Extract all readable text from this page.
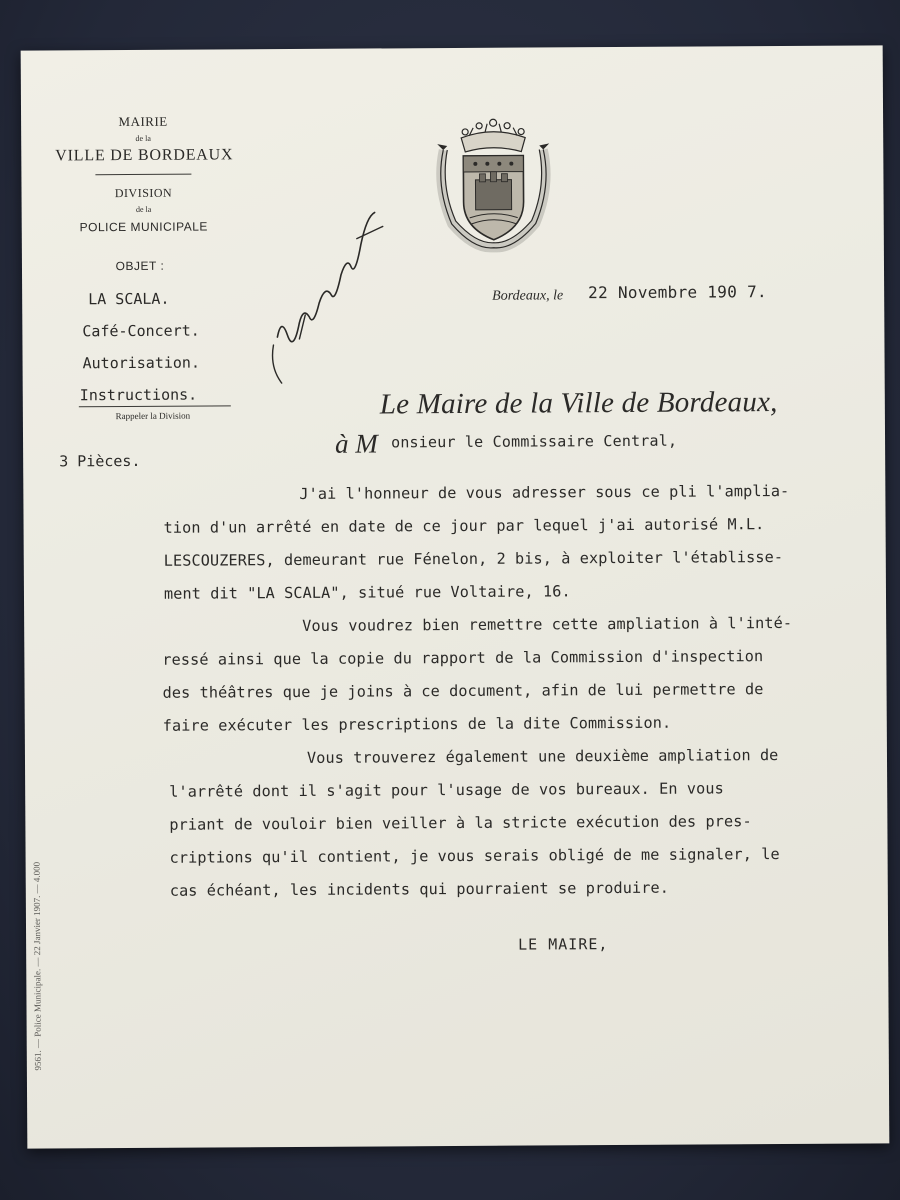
MAIRIE
de la
VILLE DE BORDEAUX
DIVISION
de la
POLICE MUNICIPALE
OBJET :
LA SCALA.
Café-Concert.
Autorisation.
Instructions.
Rappeler la Division
3 Pièces.
Bordeaux, le 22 Novembre 190 7.
Le Maire de la Ville de Bordeaux,
à M onsieur le Commissaire Central,
J'ai l'honneur de vous adresser sous ce pli l'amplia-
tion d'un arrêté en date de ce jour par lequel j'ai autorisé M.L.
LESCOUZERES, demeurant rue Fénelon, 2 bis, à exploiter l'établisse-
ment dit "LA SCALA", situé rue Voltaire, 16.
Vous voudrez bien remettre cette ampliation à l'inté-
ressé ainsi que la copie du rapport de la Commission d'inspection
des théâtres que je joins à ce document, afin de lui permettre de
faire exécuter les prescriptions de la dite Commission.
Vous trouverez également une deuxième ampliation de
l'arrêté dont il s'agit pour l'usage de vos bureaux. En vous
priant de vouloir bien veiller à la stricte exécution des pres-
criptions qu'il contient, je vous serais obligé de me signaler, le
cas échéant, les incidents qui pourraient se produire.
LE MAIRE,
9561. — Police Municipale. — 22 Janvier 1907. — 4.000
